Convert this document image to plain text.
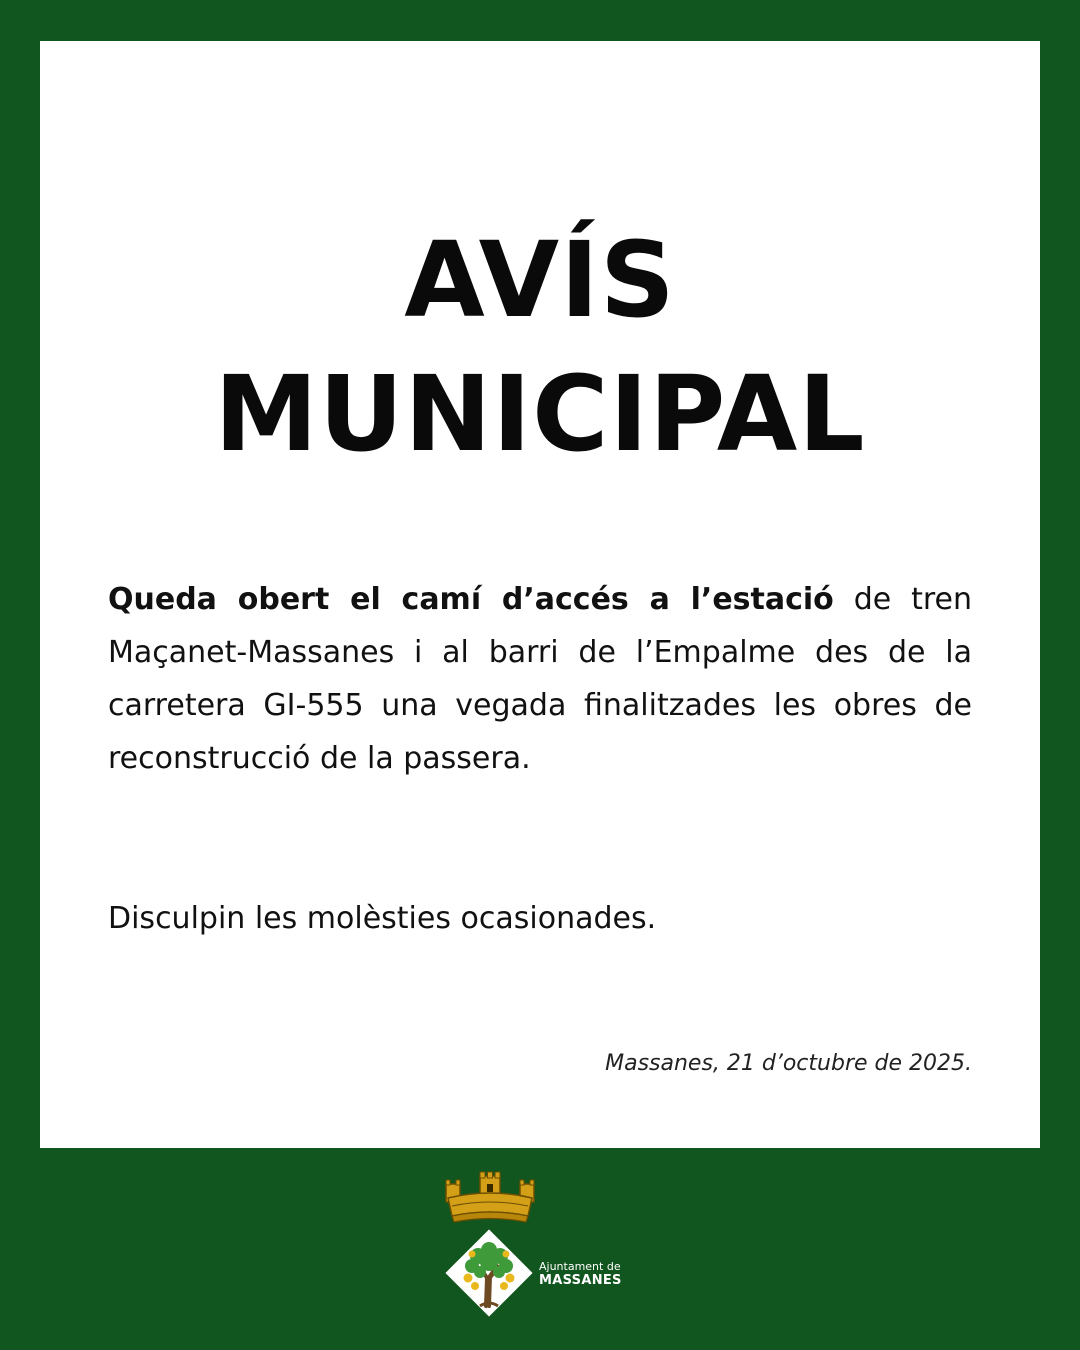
AVÍS
MUNICIPAL

Queda obert el camí d’accés a l’estació de tren Maçanet-Massanes i al barri de l’Empalme des de la carretera GI-555 una vegada finalitzades les obres de reconstrucció de la passera.

Disculpin les molèsties ocasionades.

Massanes, 21 d’octubre de 2025.
Ajuntament de
MASSANES
